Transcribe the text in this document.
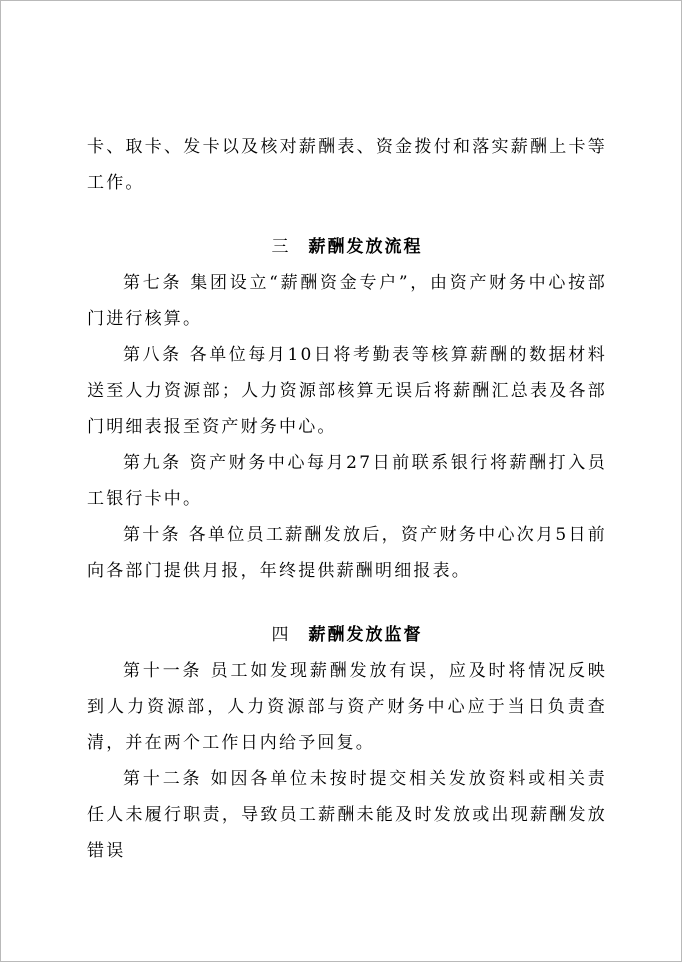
卡、取卡、发卡以及核对薪酬表、资金拨付和落实薪酬上卡等工作。

三 薪酬发放流程

第七条 集团设立“薪酬资金专户”，由资产财务中心按部门进行核算。

第八条 各单位每月10日将考勤表等核算薪酬的数据材料送至人力资源部；人力资源部核算无误后将薪酬汇总表及各部门明细表报至资产财务中心。

第九条 资产财务中心每月27日前联系银行将薪酬打入员工银行卡中。

第十条 各单位员工薪酬发放后，资产财务中心次月5日前向各部门提供月报，年终提供薪酬明细报表。

四 薪酬发放监督

第十一条 员工如发现薪酬发放有误，应及时将情况反映到人力资源部，人力资源部与资产财务中心应于当日负责查清，并在两个工作日内给予回复。

第十二条 如因各单位未按时提交相关发放资料或相关责任人未履行职责，导致员工薪酬未能及时发放或出现薪酬发放错误
